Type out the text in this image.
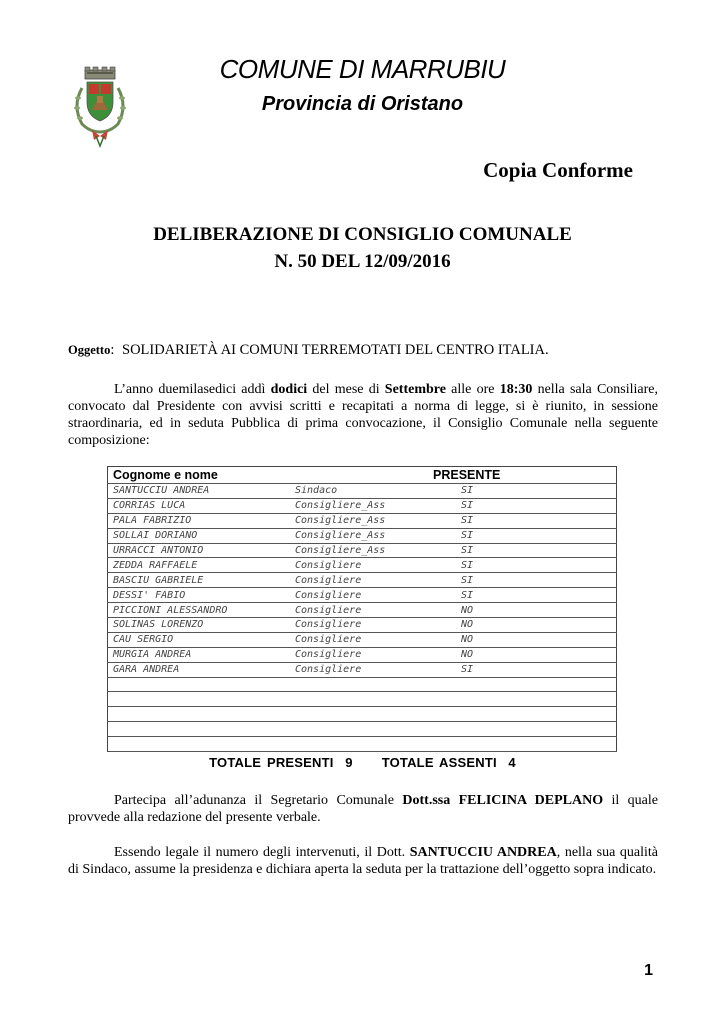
COMUNE DI MARRUBIU
Provincia di Oristano
Copia Conforme
DELIBERAZIONE DI CONSIGLIO COMUNALE
N. 50 DEL 12/09/2016
Oggetto: SOLIDARIETÀ AI COMUNI TERREMOTATI DEL CENTRO ITALIA.
L’anno duemilasedici addì dodici del mese di Settembre alle ore 18:30 nella sala Consiliare, convocato dal Presidente con avvisi scritti e recapitati a norma di legge, si è riunito, in sessione straordinaria, ed in seduta Pubblica di prima convocazione, il Consiglio Comunale nella seguente composizione:
Cognome e nome		PRESENTE
SANTUCCIU ANDREA	Sindaco	SI
CORRIAS LUCA	Consigliere_Ass	SI
PALA FABRIZIO	Consigliere_Ass	SI
SOLLAI DORIANO	Consigliere_Ass	SI
URRACCI ANTONIO	Consigliere_Ass	SI
ZEDDA RAFFAELE	Consigliere	SI
BASCIU GABRIELE	Consigliere	SI
DESSI' FABIO	Consigliere	SI
PICCIONI ALESSANDRO	Consigliere	NO
SOLINAS LORENZO	Consigliere	NO
CAU SERGIO	Consigliere	NO
MURGIA ANDREA	Consigliere	NO
GARA ANDREA	Consigliere	SI

TOTALE PRESENTI 9 TOTALE ASSENTI 4
Partecipa all’adunanza il Segretario Comunale Dott.ssa FELICINA DEPLANO il quale provvede alla redazione del presente verbale.
Essendo legale il numero degli intervenuti, il Dott. SANTUCCIU ANDREA, nella sua qualità di Sindaco, assume la presidenza e dichiara aperta la seduta per la trattazione dell’oggetto sopra indicato.
1
